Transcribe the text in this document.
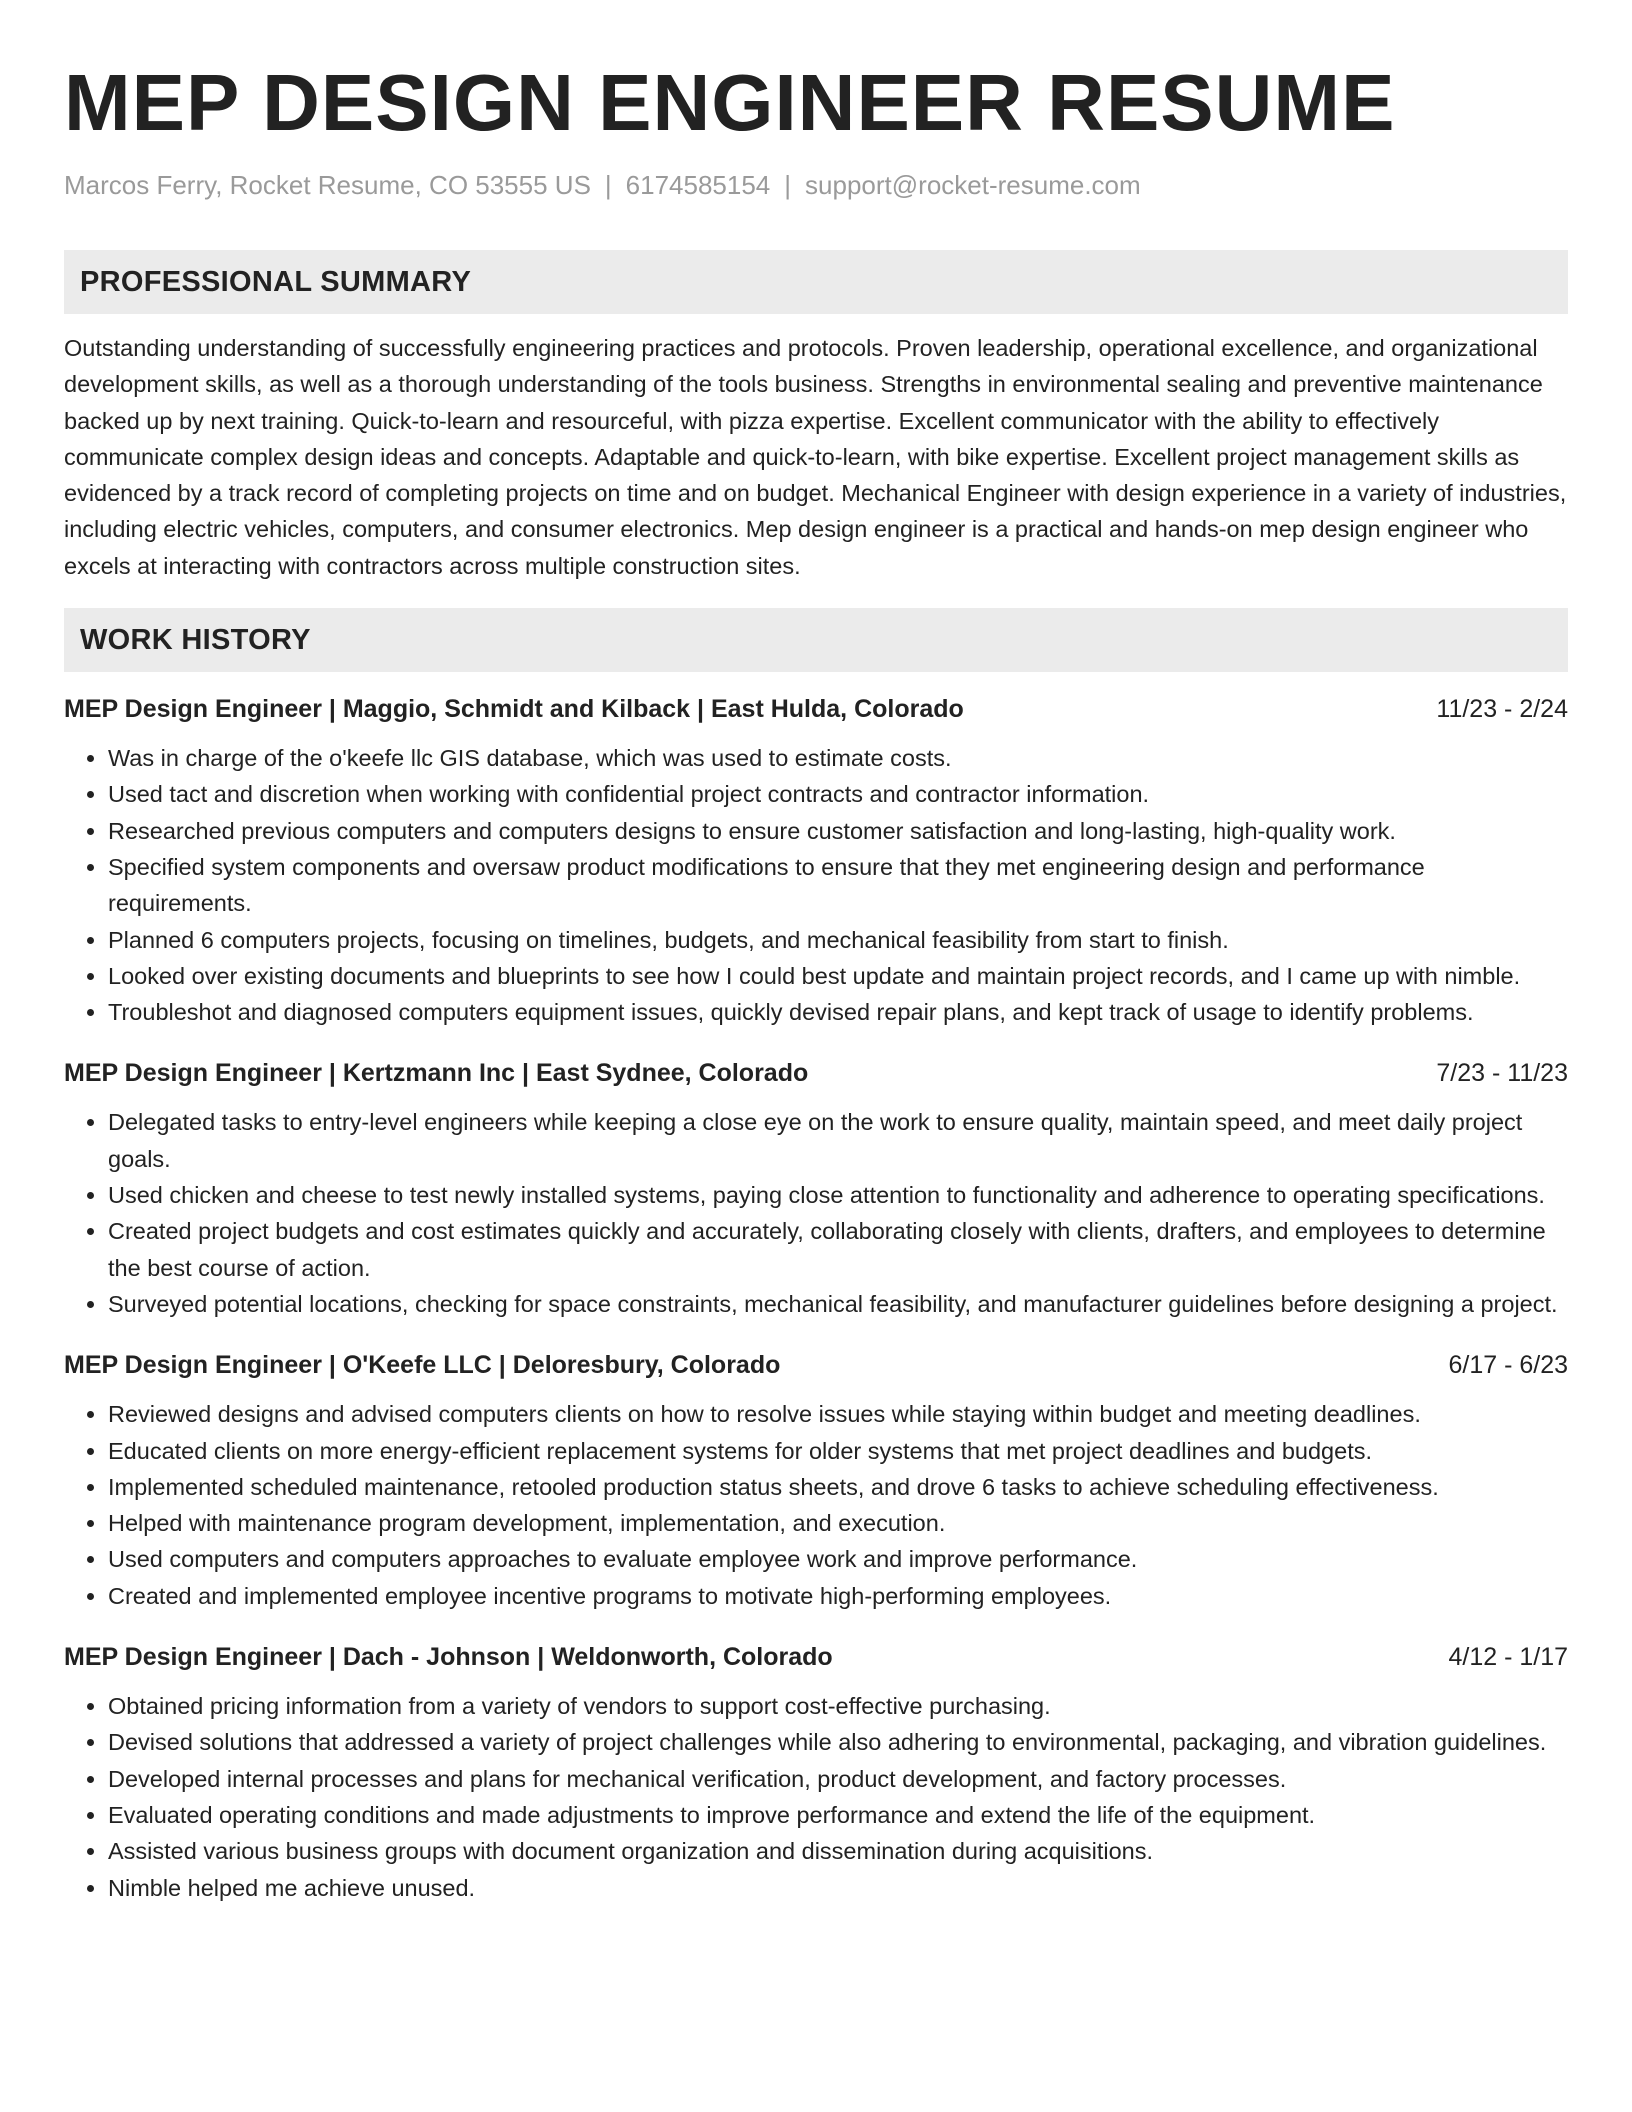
MEP DESIGN ENGINEER RESUME
Marcos Ferry, Rocket Resume, CO 53555 US | 6174585154 | support@rocket-resume.com
PROFESSIONAL SUMMARY
Outstanding understanding of successfully engineering practices and protocols. Proven leadership, operational excellence, and organizational development skills, as well as a thorough understanding of the tools business. Strengths in environmental sealing and preventive maintenance backed up by next training. Quick-to-learn and resourceful, with pizza expertise. Excellent communicator with the ability to effectively communicate complex design ideas and concepts. Adaptable and quick-to-learn, with bike expertise. Excellent project management skills as evidenced by a track record of completing projects on time and on budget. Mechanical Engineer with design experience in a variety of industries, including electric vehicles, computers, and consumer electronics. Mep design engineer is a practical and hands-on mep design engineer who excels at interacting with contractors across multiple construction sites.
WORK HISTORY
MEP Design Engineer | Maggio, Schmidt and Kilback | East Hulda, Colorado	11/23 - 2/24
• Was in charge of the o'keefe llc GIS database, which was used to estimate costs.
• Used tact and discretion when working with confidential project contracts and contractor information.
• Researched previous computers and computers designs to ensure customer satisfaction and long-lasting, high-quality work.
• Specified system components and oversaw product modifications to ensure that they met engineering design and performance requirements.
• Planned 6 computers projects, focusing on timelines, budgets, and mechanical feasibility from start to finish.
• Looked over existing documents and blueprints to see how I could best update and maintain project records, and I came up with nimble.
• Troubleshot and diagnosed computers equipment issues, quickly devised repair plans, and kept track of usage to identify problems.
MEP Design Engineer | Kertzmann Inc | East Sydnee, Colorado	7/23 - 11/23
• Delegated tasks to entry-level engineers while keeping a close eye on the work to ensure quality, maintain speed, and meet daily project goals.
• Used chicken and cheese to test newly installed systems, paying close attention to functionality and adherence to operating specifications.
• Created project budgets and cost estimates quickly and accurately, collaborating closely with clients, drafters, and employees to determine the best course of action.
• Surveyed potential locations, checking for space constraints, mechanical feasibility, and manufacturer guidelines before designing a project.
MEP Design Engineer | O'Keefe LLC | Deloresbury, Colorado	6/17 - 6/23
• Reviewed designs and advised computers clients on how to resolve issues while staying within budget and meeting deadlines.
• Educated clients on more energy-efficient replacement systems for older systems that met project deadlines and budgets.
• Implemented scheduled maintenance, retooled production status sheets, and drove 6 tasks to achieve scheduling effectiveness.
• Helped with maintenance program development, implementation, and execution.
• Used computers and computers approaches to evaluate employee work and improve performance.
• Created and implemented employee incentive programs to motivate high-performing employees.
MEP Design Engineer | Dach - Johnson | Weldonworth, Colorado	4/12 - 1/17
• Obtained pricing information from a variety of vendors to support cost-effective purchasing.
• Devised solutions that addressed a variety of project challenges while also adhering to environmental, packaging, and vibration guidelines.
• Developed internal processes and plans for mechanical verification, product development, and factory processes.
• Evaluated operating conditions and made adjustments to improve performance and extend the life of the equipment.
• Assisted various business groups with document organization and dissemination during acquisitions.
• Nimble helped me achieve unused.
